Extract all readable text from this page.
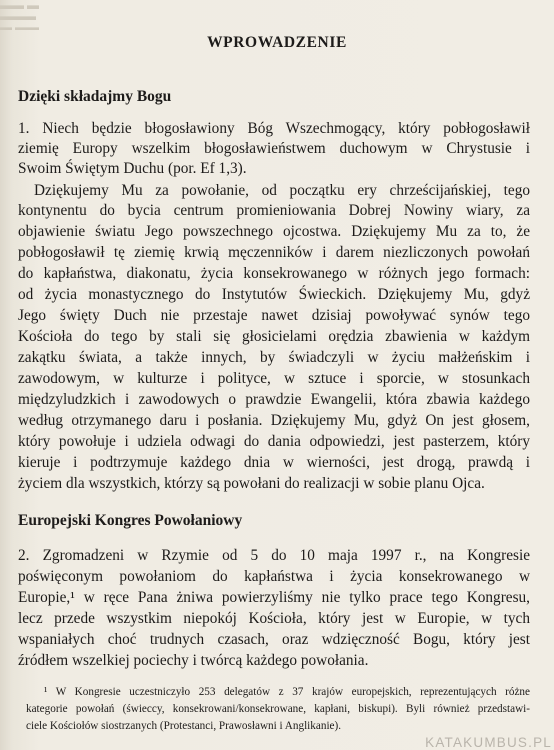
▬▬ ▬
▬▬▬
▬ ▬▬
WPROWADZENIE
Dzięki składajmy Bogu

1. Niech będzie błogosławiony Bóg Wszechmogący, który pobłogosławił

ziemię Europy wszelkim błogosławieństwem duchowym w Chrystusie i

Swoim Świętym Duchu (por. Ef 1,3).

Dziękujemy Mu za powołanie, od początku ery chrześcijańskiej, tego

kontynentu do bycia centrum promieniowania Dobrej Nowiny wiary, za

objawienie światu Jego powszechnego ojcostwa. Dziękujemy Mu za to, że

pobłogosławił tę ziemię krwią męczenników i darem niezliczonych powołań

do kapłaństwa, diakonatu, życia konsekrowanego w różnych jego formach:

od życia monastycznego do Instytutów Świeckich. Dziękujemy Mu, gdyż

Jego święty Duch nie przestaje nawet dzisiaj powoływać synów tego

Kościoła do tego by stali się głosicielami orędzia zbawienia w każdym

zakątku świata, a także innych, by świadczyli w życiu małżeńskim i

zawodowym, w kulturze i polityce, w sztuce i sporcie, w stosunkach

międzyludzkich i zawodowych o prawdzie Ewangelii, która zbawia każdego

według otrzymanego daru i posłania. Dziękujemy Mu, gdyż On jest głosem,

który powołuje i udziela odwagi do dania odpowiedzi, jest pasterzem, który

kieruje i podtrzymuje każdego dnia w wierności, jest drogą, prawdą i

życiem dla wszystkich, którzy są powołani do realizacji w sobie planu Ojca.

Europejski Kongres Powołaniowy

2. Zgromadzeni w Rzymie od 5 do 10 maja 1997 r., na Kongresie

poświęconym powołaniom do kapłaństwa i życia konsekrowanego w

Europie,¹ w ręce Pana żniwa powierzyliśmy nie tylko prace tego Kongresu,

lecz przede wszystkim niepokój Kościoła, który jest w Europie, w tych

wspaniałych choć trudnych czasach, oraz wdzięczność Bogu, który jest

źródłem wszelkiej pociechy i twórcą każdego powołania.

¹ W Kongresie uczestniczyło 253 delegatów z 37 krajów europejskich, reprezentujących różne

kategorie powołań (świeccy, konsekrowani/konsekrowane, kapłani, biskupi). Byli również przedstawi-

ciele Kościołów siostrzanych (Protestanci, Prawosławni i Anglikanie).

KATAKUMBUS.PL
